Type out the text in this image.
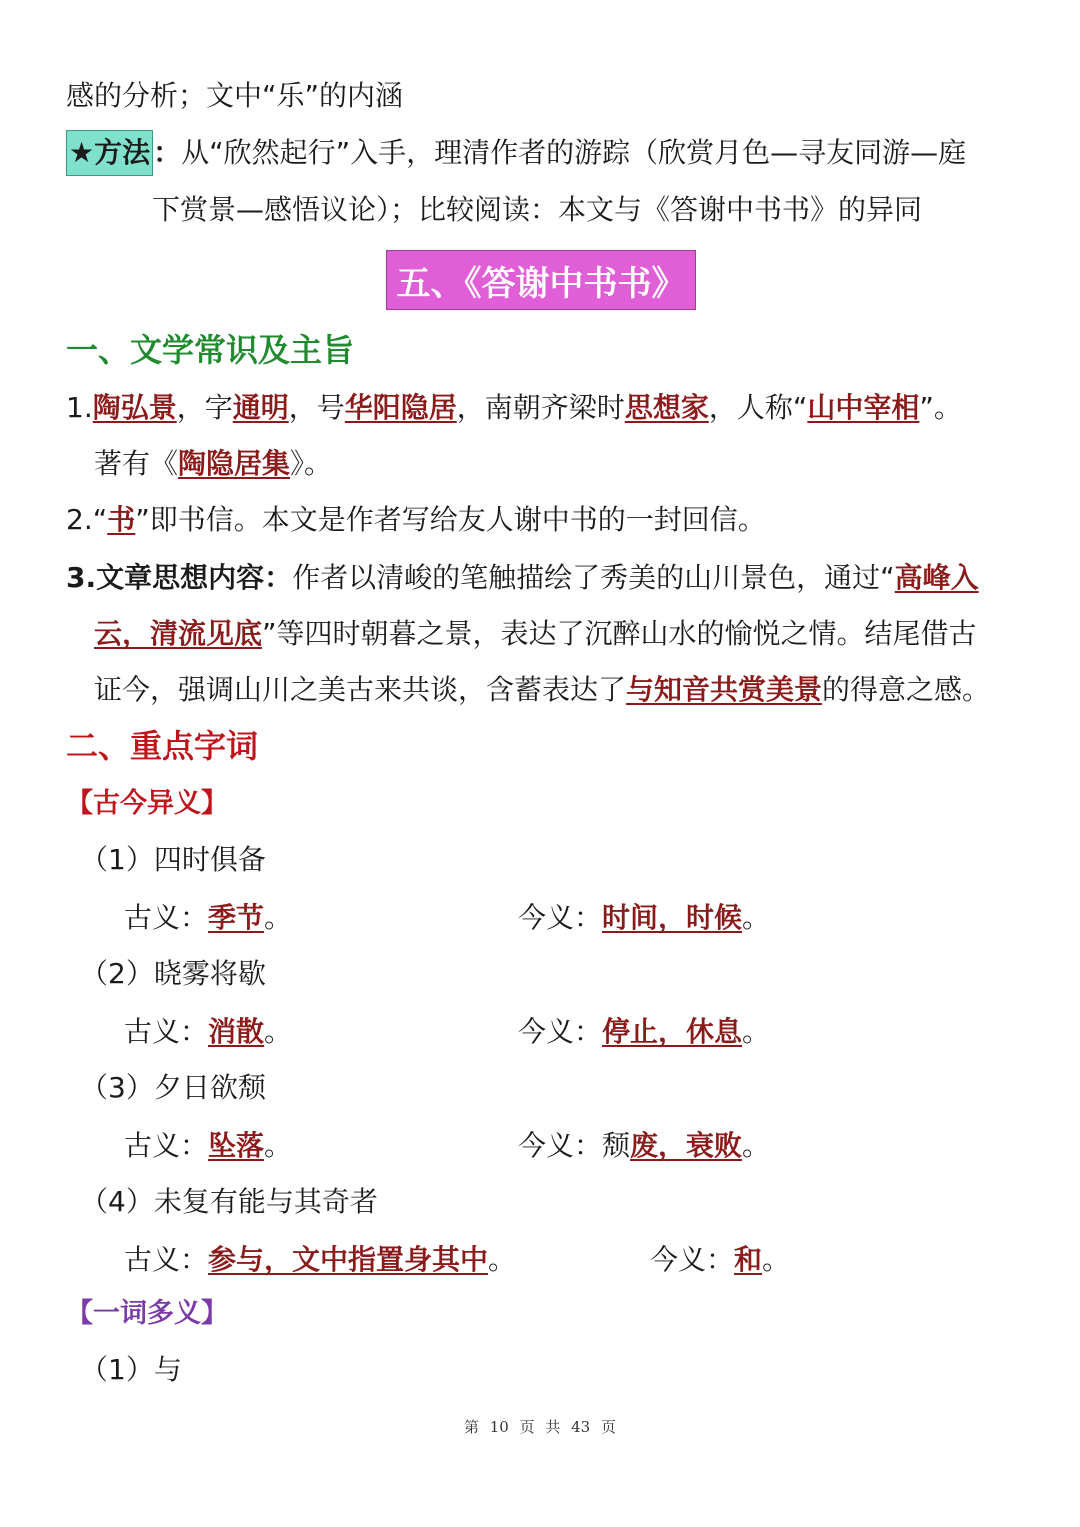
感的分析；文中“乐”的内涵
★方法 ：从“欣然起行”入手，理清作者的游踪（欣赏月色—寻友同游—庭
下赏景—感悟议论）；比较阅读：本文与《答谢中书书》的异同
五、《答谢中书书》
一、文学常识及主旨
1.陶弘景，字通明，号华阳隐居，南朝齐梁时思想家，人称“山中宰相”。
著有《陶隐居集》。
2.“书”即书信。本文是作者写给友人谢中书的一封回信。
3.文章思想内容：作者以清峻的笔触描绘了秀美的山川景色，通过“高峰入
云，清流见底”等四时朝暮之景，表达了沉醉山水的愉悦之情。结尾借古
证今，强调山川之美古来共谈，含蓄表达了与知音共赏美景的得意之感。
二、重点字词
【古今异义】
（1）四时俱备
古义：季节。	今义：时间，时候。
（2）晓雾将歇
古义：消散。	今义：停止，休息。
（3）夕日欲颓
古义：坠落。	今义：颓废，衰败。
（4）未复有能与其奇者
古义：参与，文中指置身其中。	今义：和。
【一词多义】
（1）与
第 10 页 共 43 页
